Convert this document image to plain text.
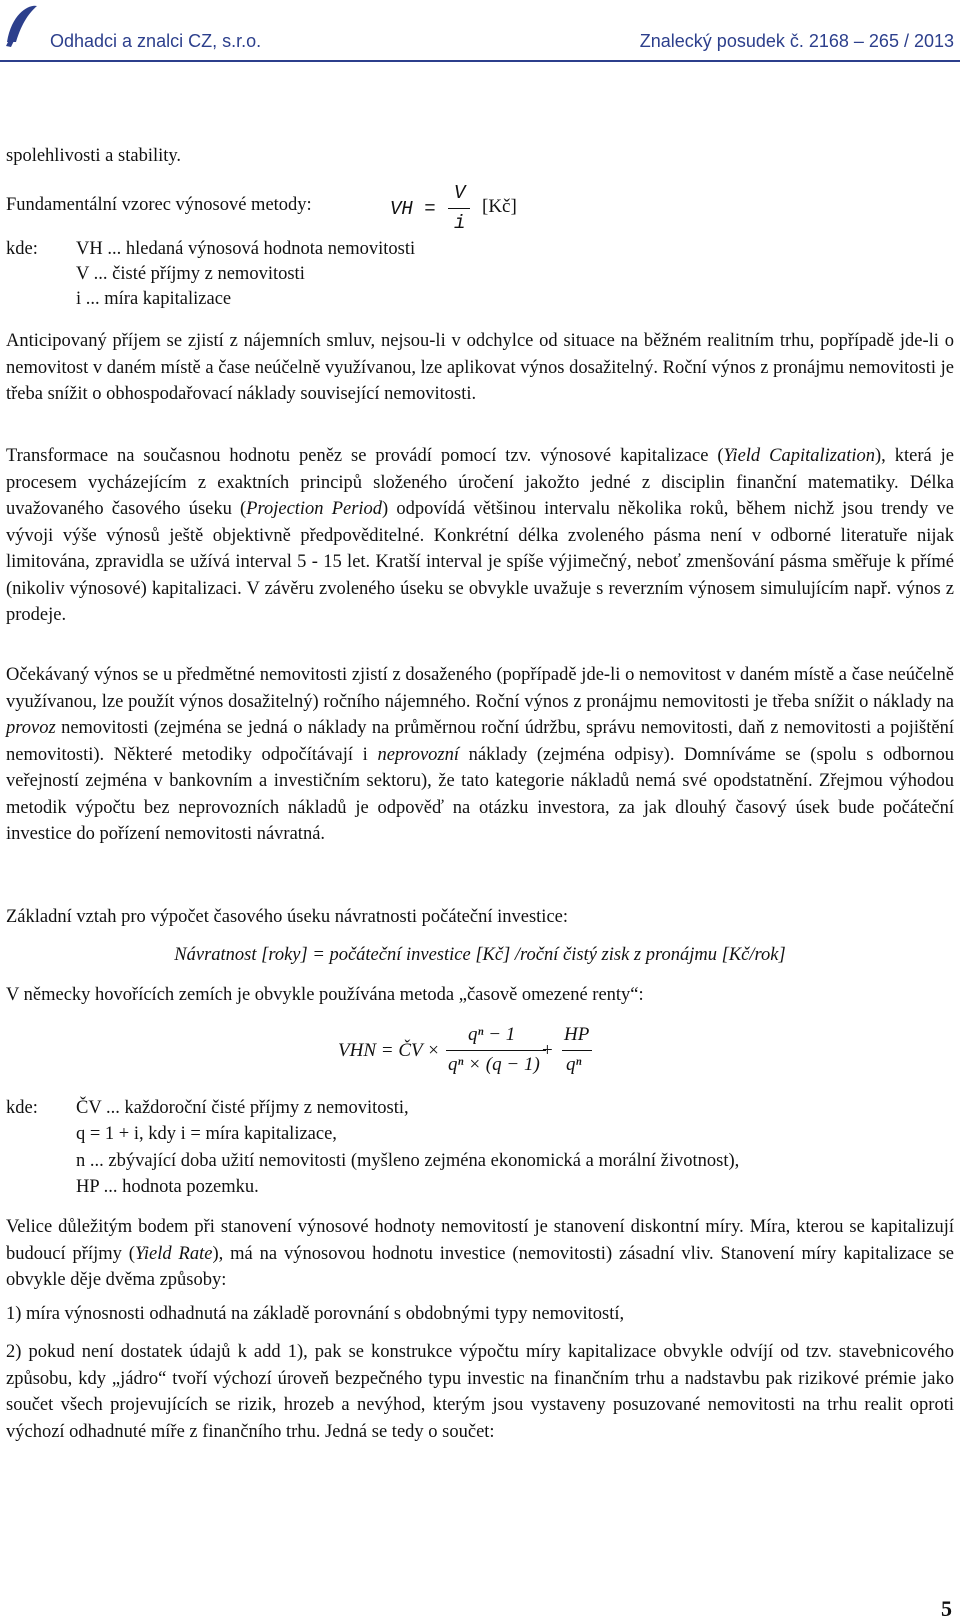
Odhadci a znalci CZ, s.r.o.	Znalecký posudek č. 2168 – 265 / 2013
spolehlivosti a stability.
Fundamentální vzorec výnosové metody:	VH =
V
i
[Kč]
kde: VH ... hledaná výnosová hodnota nemovitosti
V ... čisté příjmy z nemovitosti
i ... míra kapitalizace
Anticipovaný příjem se zjistí z nájemních smluv, nejsou-li v odchylce od situace na běžném realitním trhu, popřípadě jde-li o nemovitost v daném místě a čase neúčelně využívanou, lze aplikovat výnos dosažitelný. Roční výnos z pronájmu nemovitosti je třeba snížit o obhospodařovací náklady související nemovitosti.
Transformace na současnou hodnotu peněz se provádí pomocí tzv. výnosové kapitalizace (Yield Capitalization), která je procesem vycházejícím z exaktních principů složeného úročení jakožto jedné z disciplin finanční matematiky. Délka uvažovaného časového úseku (Projection Period) odpovídá většinou intervalu několika roků, během nichž jsou trendy ve vývoji výše výnosů ještě objektivně předpověditelné. Konkrétní délka zvoleného pásma není v odborné literatuře nijak limitována, zpravidla se užívá interval 5 - 15 let. Kratší interval je spíše výjimečný, neboť zmenšování pásma směřuje k přímé (nikoliv výnosové) kapitalizaci. V závěru zvoleného úseku se obvykle uvažuje s reverzním výnosem simulujícím např. výnos z prodeje.
Očekávaný výnos se u předmětné nemovitosti zjistí z dosaženého (popřípadě jde-li o nemovitost v daném místě a čase neúčelně využívanou, lze použít výnos dosažitelný) ročního nájemného. Roční výnos z pronájmu nemovitosti je třeba snížit o náklady na provoz nemovitosti (zejména se jedná o náklady na průměrnou roční údržbu, správu nemovitosti, daň z nemovitosti a pojištění nemovitosti). Některé metodiky odpočítávají i neprovozní náklady (zejména odpisy). Domníváme se (spolu s odbornou veřejností zejména v bankovním a investičním sektoru), že tato kategorie nákladů nemá své opodstatnění. Zřejmou výhodou metodik výpočtu bez neprovozních nákladů je odpověď na otázku investora, za jak dlouhý časový úsek bude počáteční investice do pořízení nemovitosti návratná.
Základní vztah pro výpočet časového úseku návratnosti počáteční investice:
Návratnost [roky] = počáteční investice [Kč] /roční čistý zisk z pronájmu [Kč/rok]
V německy hovořících zemích je obvykle používána metoda „časově omezené renty“:
VHN = ČV ×
qⁿ − 1
qⁿ × (q − 1)
+
HP
qⁿ
kde: ČV ... každoroční čisté příjmy z nemovitosti,
q = 1 + i, kdy i = míra kapitalizace,
n ... zbývající doba užití nemovitosti (myšleno zejména ekonomická a morální životnost),
HP ... hodnota pozemku.
Velice důležitým bodem při stanovení výnosové hodnoty nemovitostí je stanovení diskontní míry. Míra, kterou se kapitalizují budoucí příjmy (Yield Rate), má na výnosovou hodnotu investice (nemovitosti) zásadní vliv. Stanovení míry kapitalizace se obvykle děje dvěma způsoby:
1) míra výnosnosti odhadnutá na základě porovnání s obdobnými typy nemovitostí,
2) pokud není dostatek údajů k add 1), pak se konstrukce výpočtu míry kapitalizace obvykle odvíjí od tzv. stavebnicového způsobu, kdy „jádro“ tvoří výchozí úroveň bezpečného typu investic na finančním trhu a nadstavbu pak rizikové prémie jako součet všech projevujících se rizik, hrozeb a nevýhod, kterým jsou vystaveny posuzované nemovitosti na trhu realit oproti výchozí odhadnuté míře z finančního trhu. Jedná se tedy o součet:
5
